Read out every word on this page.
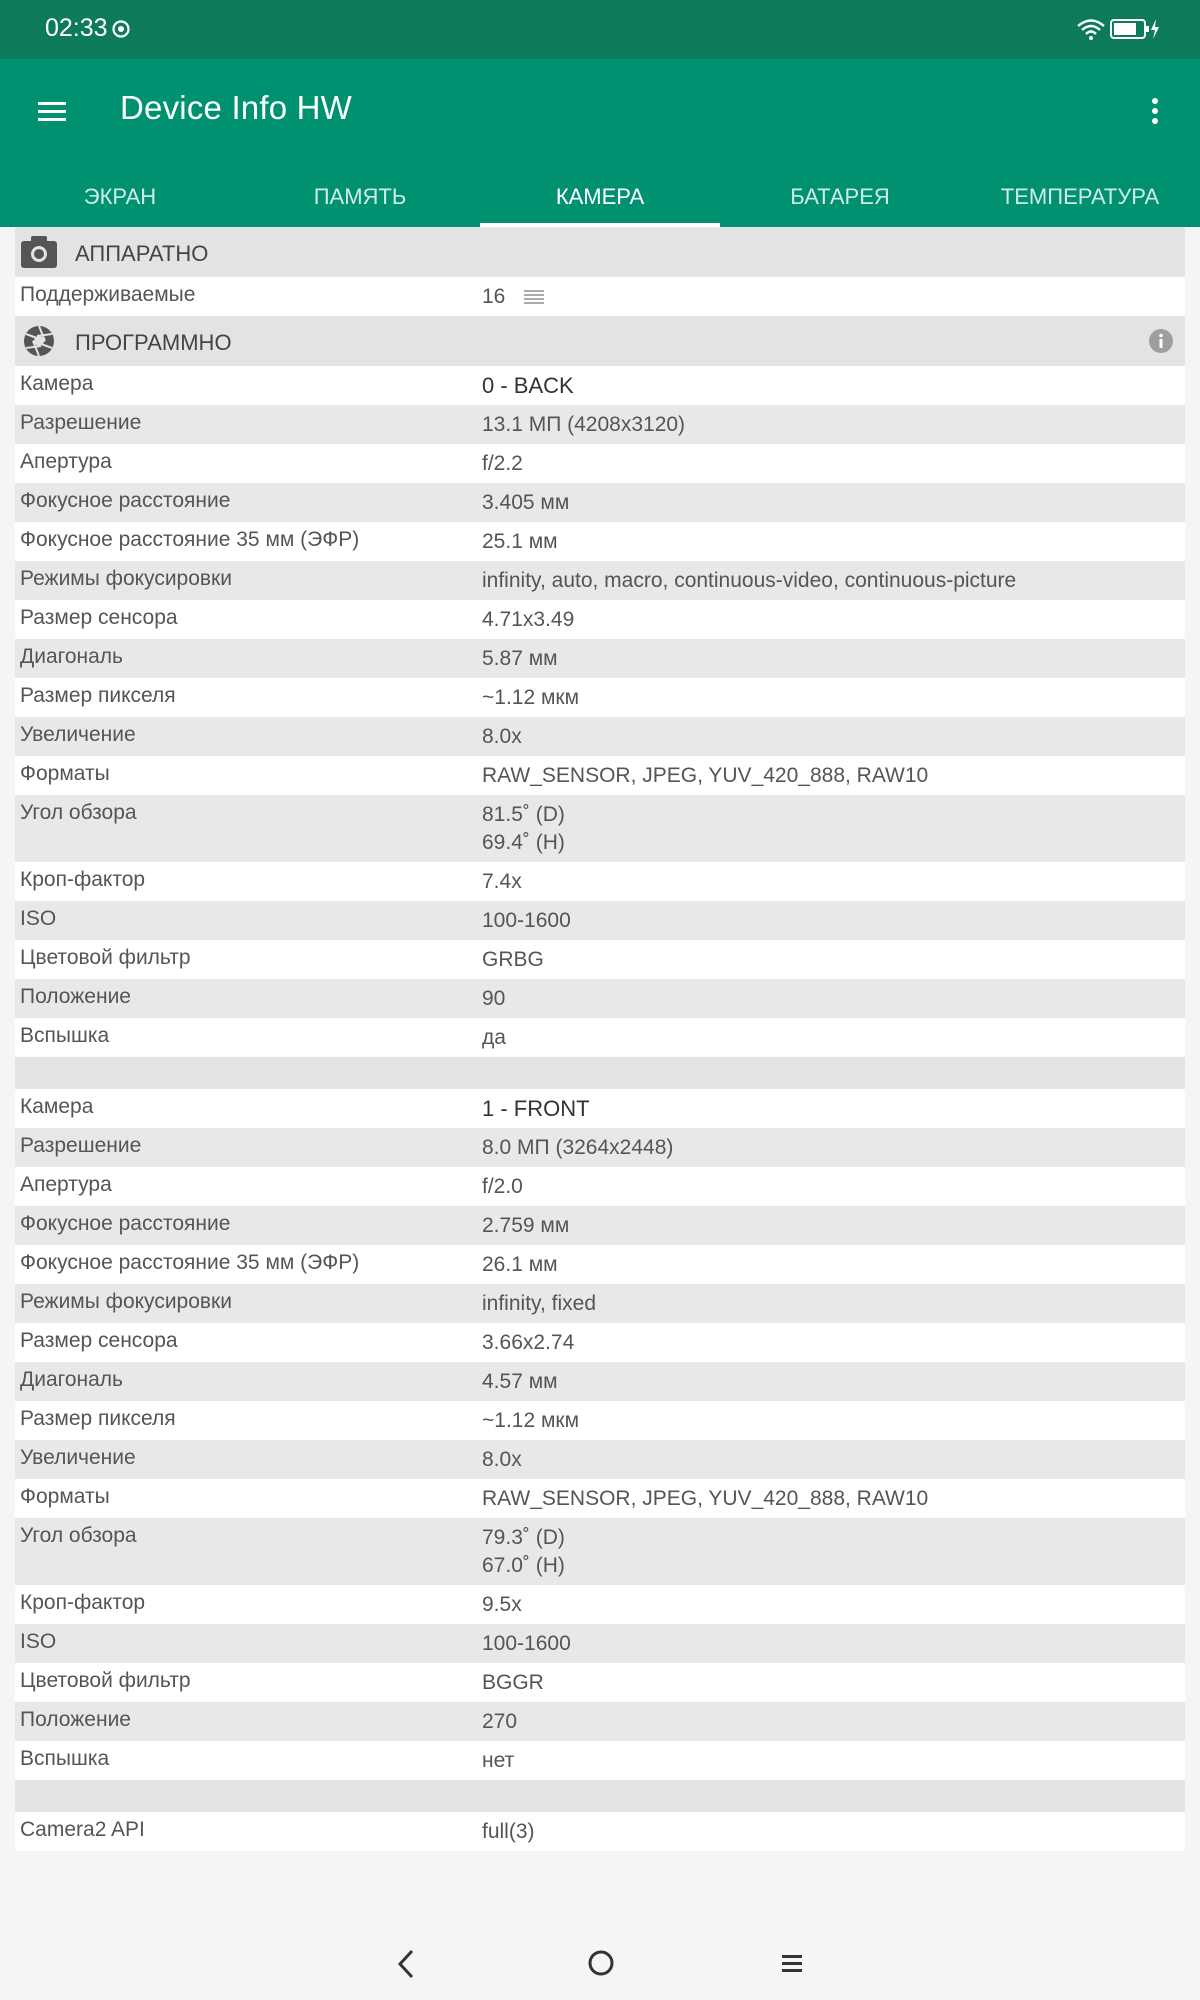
02:33
Device Info HW
ЭКРАН	ПАМЯТЬ	КАМЕРА	БАТАРЕЯ	ТЕМПЕРАТУРА
АППАРАТНО
Поддерживаемые	16
ПРОГРАММНО
Камера	0 - BACK
Разрешение	13.1 МП (4208x3120)
Апертура	f/2.2
Фокусное расстояние	3.405 мм
Фокусное расстояние 35 мм (ЭФР)	25.1 мм
Режимы фокусировки	infinity, auto, macro, continuous-video, continuous-picture
Размер сенсора	4.71x3.49
Диагональ	5.87 мм
Размер пикселя	~1.12 мкм
Увеличение	8.0x
Форматы	RAW_SENSOR, JPEG, YUV_420_888, RAW10
Угол обзора	81.5˚ (D)
69.4˚ (H)
Кроп-фактор	7.4x
ISO	100-1600
Цветовой фильтр	GRBG
Положение	90
Вспышка	да
Камера	1 - FRONT
Разрешение	8.0 МП (3264x2448)
Апертура	f/2.0
Фокусное расстояние	2.759 мм
Фокусное расстояние 35 мм (ЭФР)	26.1 мм
Режимы фокусировки	infinity, fixed
Размер сенсора	3.66x2.74
Диагональ	4.57 мм
Размер пикселя	~1.12 мкм
Увеличение	8.0x
Форматы	RAW_SENSOR, JPEG, YUV_420_888, RAW10
Угол обзора	79.3˚ (D)
67.0˚ (H)
Кроп-фактор	9.5x
ISO	100-1600
Цветовой фильтр	BGGR
Положение	270
Вспышка	нет
Camera2 API	full(3)
